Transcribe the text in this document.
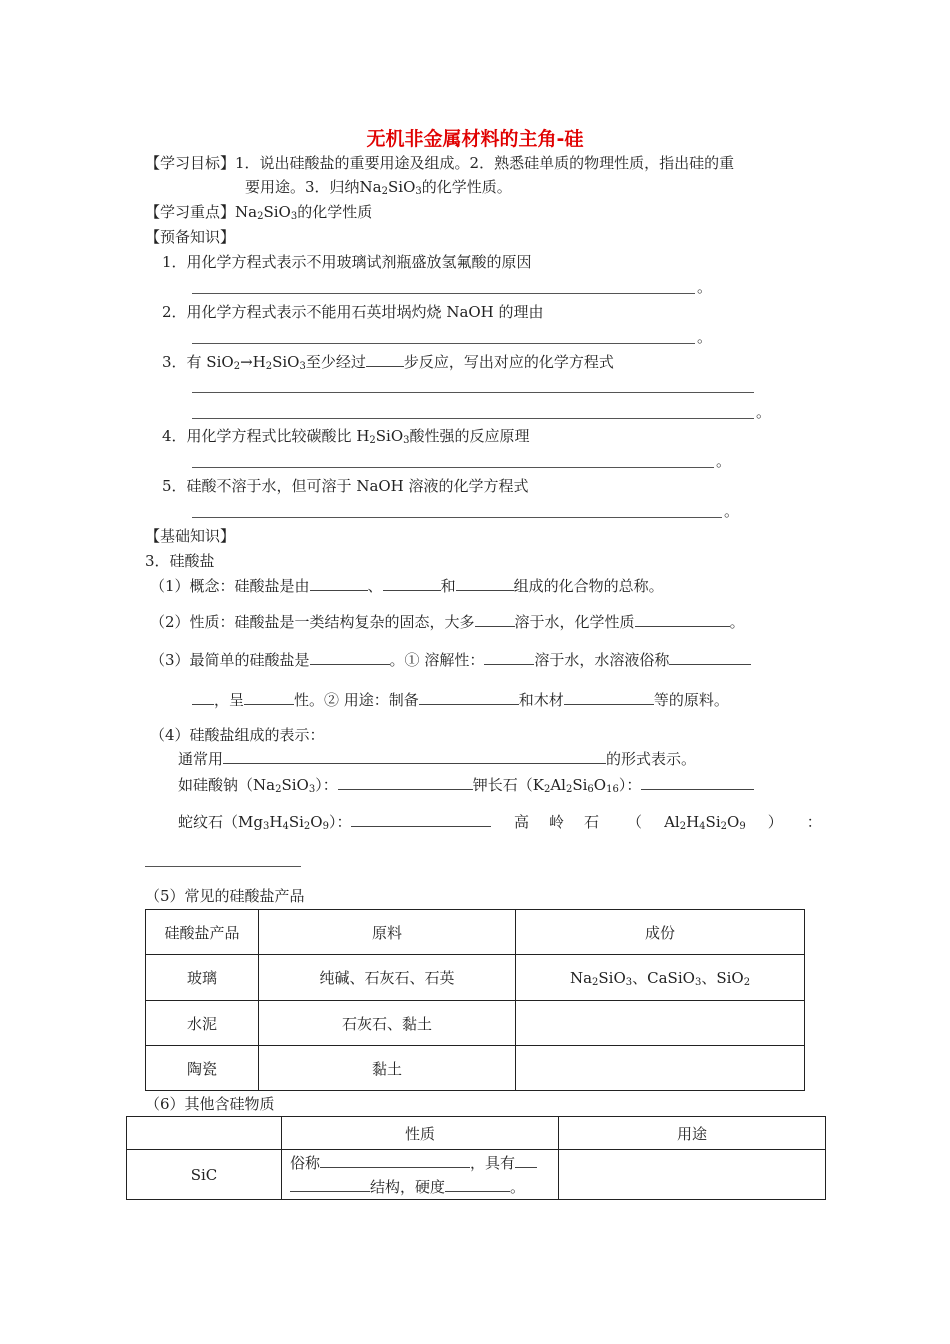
无机非金属材料的主角-硅
【学习目标】1．说出硅酸盐的重要用途及组成。2．熟悉硅单质的物理性质，指出硅的重
要用途。3．归纳$Na_2SiO_3$的化学性质。
【学习重点】$Na_2SiO_3$的化学性质
【预备知识】
1．用化学方程式表示不用玻璃试剂瓶盛放氢氟酸的原因
。
2．用化学方程式表示不能用石英坩埚灼烧 NaOH 的理由
。
3．有 $SiO_2\to H_2SiO_3$至少经过	步反应，写出对应的化学方程式
。
4．用化学方程式比较碳酸比 $H_2SiO_3$酸性强的反应原理
。
5．硅酸不溶于水，但可溶于 NaOH 溶液的化学方程式
。
【基础知识】
3．硅酸盐
（1）概念：硅酸盐是由	、	和	组成的化合物的总称。
（2）性质：硅酸盐是一类结构复杂的固态，大多	溶于水，化学性质	。
（3）最简单的硅酸盐是	。① 溶解性：	溶于水，水溶液俗称
，呈	性。② 用途：制备	和木材	等的原料。
（4）硅酸盐组成的表示：
通常用	的形式表示。
如硅酸钠$(Na_2SiO_3)$：	钾长石$(K_2Al_2Si_6O_{16})$：
蛇纹石$(Mg_3H_4Si_2O_9)$：	高 岭 石 （ $Al_2H_4Si_2O_9$ ） ：
（5）常见的硅酸盐产品
硅酸盐产品	原料	成份
玻璃	纯碱、石灰石、石英	$Na_2SiO_3$、CaSiO$_3$、SiO$_2$
水泥	石灰石、黏土	
陶瓷	黏土	
（6）其他含硅物质
	性质	用途
SiC	俗称 ，具有
结构，硬度 。	
